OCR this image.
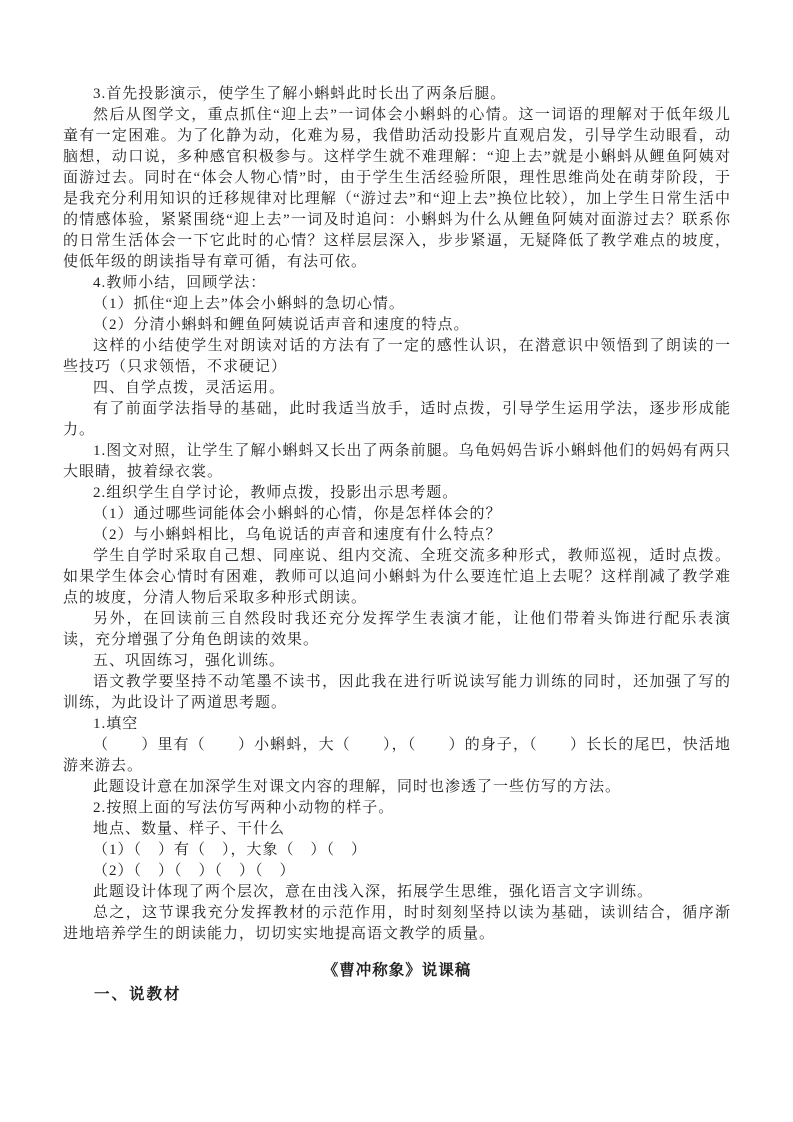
3.首先投影演示，使学生了解小蝌蚪此时长出了两条后腿。

然后从图学文，重点抓住“迎上去”一词体会小蝌蚪的心情。这一词语的理解对于低年级儿童有一定困难。为了化静为动，化难为易，我借助活动投影片直观启发，引导学生动眼看，动脑想，动口说，多种感官积极参与。这样学生就不难理解：“迎上去”就是小蝌蚪从鲤鱼阿姨对面游过去。同时在“体会人物心情”时，由于学生生活经验所限，理性思维尚处在萌芽阶段，于是我充分利用知识的迁移规律对比理解（“游过去”和“迎上去”换位比较），加上学生日常生活中的情感体验，紧紧围绕“迎上去”一词及时追问：小蝌蚪为什么从鲤鱼阿姨对面游过去？联系你的日常生活体会一下它此时的心情？这样层层深入，步步紧逼，无疑降低了教学难点的坡度，使低年级的朗读指导有章可循，有法可依。

4.教师小结，回顾学法：

（1）抓住“迎上去”体会小蝌蚪的急切心情。

（2）分清小蝌蚪和鲤鱼阿姨说话声音和速度的特点。

这样的小结使学生对朗读对话的方法有了一定的感性认识，在潜意识中领悟到了朗读的一些技巧（只求领悟，不求硬记）

四、自学点拨，灵活运用。

有了前面学法指导的基础，此时我适当放手，适时点拨，引导学生运用学法，逐步形成能力。

1.图文对照，让学生了解小蝌蚪又长出了两条前腿。乌龟妈妈告诉小蝌蚪他们的妈妈有两只大眼睛，披着绿衣裳。

2.组织学生自学讨论，教师点拨，投影出示思考题。

（1）通过哪些词能体会小蝌蚪的心情，你是怎样体会的？

（2）与小蝌蚪相比，乌龟说话的声音和速度有什么特点？

学生自学时采取自己想、同座说、组内交流、全班交流多种形式，教师巡视，适时点拨。如果学生体会心情时有困难，教师可以追问小蝌蚪为什么要连忙追上去呢？这样削减了教学难点的坡度，分清人物后采取多种形式朗读。

另外，在回读前三自然段时我还充分发挥学生表演才能，让他们带着头饰进行配乐表演读，充分增强了分角色朗读的效果。

五、巩固练习，强化训练。

语文教学要坚持不动笔墨不读书，因此我在进行听说读写能力训练的同时，还加强了写的训练，为此设计了两道思考题。

1.填空

（　　）里有（　　）小蝌蚪，大（　　），（　　）的身子，（　　）长长的尾巴，快活地游来游去。

此题设计意在加深学生对课文内容的理解，同时也渗透了一些仿写的方法。

2.按照上面的写法仿写两种小动物的样子。

地点、数量、样子、干什么

（1）（　）有（　），大象（　）（　）

（2）（　）（　）（　）（　）

此题设计体现了两个层次，意在由浅入深，拓展学生思维，强化语言文字训练。

总之，这节课我充分发挥教材的示范作用，时时刻刻坚持以读为基础，读训结合，循序渐进地培养学生的朗读能力，切切实实地提高语文教学的质量。

《曹冲称象》说课稿

一、说教材
